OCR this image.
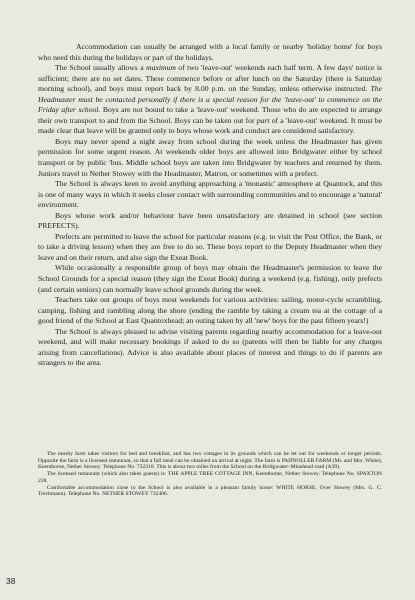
Accommodation can usually be arranged with a local family or nearby 'holiday home' for boys who need this during the holidays or part of the holidays.

The School usually allows a maximum of two 'leave-out' weekends each half term. A few days' notice is sufficient; there are no set dates. These commence before or after lunch on the Saturday (there is Saturday morning school), and boys must report back by 8.00 p.m. on the Sunday, unless otherwise instructed. The Headmaster must be contacted personally if there is a special reason for the 'leave-out' to commence on the Friday after school. Boys are not bound to take a 'leave-out' weekend. Those who do are expected to arrange their own transport to and from the School. Boys can be taken out for part of a 'leave-out' weekend. It must be made clear that leave will be granted only to boys whose work and conduct are considered satisfactory.

Boys may never spend a night away from school during the week unless the Headmaster has given permission for some urgent reason. At weekends older boys are allowed into Bridgwater either by school transport or by public 'bus. Middle school boys are taken into Bridgwater by teachers and returned by them. Juniors travel to Nether Stowey with the Headmaster, Matron, or sometimes with a prefect.

The School is always keen to avoid anything approaching a 'monastic' atmosphere at Quantock, and this is one of many ways in which it seeks closer contact with surrounding communities and to encourage a 'natural' environment.

Boys whose work and/or behaviour have been unsatisfactory are detained in school (see section PREFECTS).

Prefects are permitted to leave the school for particular reasons (e.g. to visit the Post Office, the Bank, or to take a driving lesson) when they are free to do so. These boys report to the Deputy Headmaster when they leave and on their return, and also sign the Exeat Book.

While occasionally a responsible group of boys may obtain the Headmaster's permission to leave the School Grounds for a special reason (they sign the Exeat Book) during a weekend (e.g. fishing), only prefects (and certain seniors) can normally leave school grounds during the week.

Teachers take out groups of boys most weekends for various activities: sailing, motor-cycle scrambling, camping, fishing and rambling along the shore (ending the ramble by taking a cream tea at the cottage of a good friend of the School at East Quantoxhead; an outing taken by all 'new' boys for the past fifteen years!)

The School is always pleased to advise visiting parents regarding nearby accommodation for a leave-out weekend, and will make necessary bookings if asked to do so (parents will then be liable for any charges arising from cancellations). Advice is also available about places of interest and things to do if parents are strangers to the area.

The nearby farm takes visitors for bed and breakfast, and has two cottages in its grounds which can be let out for weekends or longer periods. Opposite the farm is a licensed restaurant, so that a full meal can be obtained on arrival at night. The farm is PADNOLLER FARM (Mr. and Mrs. White), Keenthorne, Nether Stowey. Telephone No. 732318. This is about two miles from the School on the Bridgwater–Minehead road (A39).

The licensed restaurant (which also takes guests) is: THE APPLE TREE COTTAGE INN, Keenthorne, Nether Stowey. Telephone No. SPAXTON 238.

Comfortable accommodation close to the School is also available in a pleasant family home: WHITE HORSE, Over Stowey (Mrs. G. C. Trechmann). Telephone No. NETHER STOWEY 732406.

38
